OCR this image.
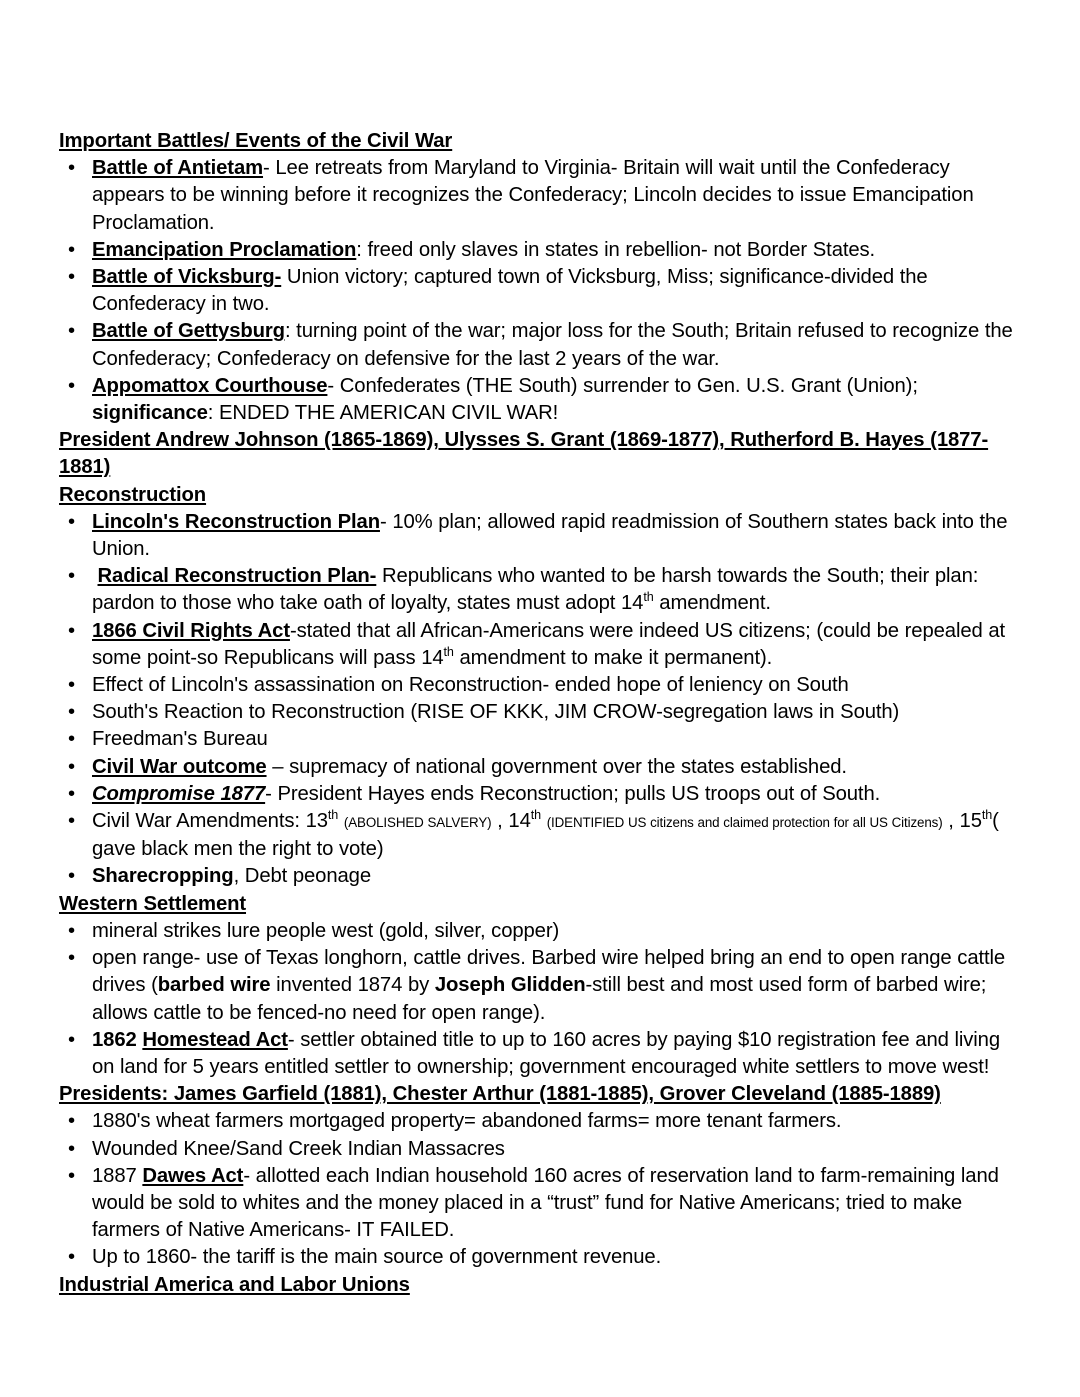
Important Battles/ Events of the Civil War
• Battle of Antietam- Lee retreats from Maryland to Virginia- Britain will wait until the Confederacy appears to be winning before it recognizes the Confederacy; Lincoln decides to issue Emancipation Proclamation.
• Emancipation Proclamation: freed only slaves in states in rebellion- not Border States.
• Battle of Vicksburg- Union victory; captured town of Vicksburg, Miss; significance-divided the Confederacy in two.
• Battle of Gettysburg: turning point of the war; major loss for the South; Britain refused to recognize the Confederacy; Confederacy on defensive for the last 2 years of the war.
• Appomattox Courthouse- Confederates (THE South) surrender to Gen. U.S. Grant (Union); significance: ENDED THE AMERICAN CIVIL WAR!
President Andrew Johnson (1865-1869), Ulysses S. Grant (1869-1877), Rutherford B. Hayes (1877-1881)
Reconstruction
• Lincoln's Reconstruction Plan- 10% plan; allowed rapid readmission of Southern states back into the Union.
•	Radical Reconstruction Plan- Republicans who wanted to be harsh towards the South; their plan: pardon to those who take oath of loyalty, states must adopt 14th amendment.
• 1866 Civil Rights Act-stated that all African-Americans were indeed US citizens; (could be repealed at some point-so Republicans will pass 14th amendment to make it permanent).
• Effect of Lincoln's assassination on Reconstruction- ended hope of leniency on South
• South's Reaction to Reconstruction (RISE OF KKK, JIM CROW-segregation laws in South)
• Freedman's Bureau
• Civil War outcome – supremacy of national government over the states established.
• Compromise 1877- President Hayes ends Reconstruction; pulls US troops out of South.
• Civil War Amendments: 13th (ABOLISHED SALVERY) , 14th (IDENTIFIED US citizens and claimed protection for all US Citizens) , 15th( gave black men the right to vote)
• Sharecropping, Debt peonage
Western Settlement
• mineral strikes lure people west (gold, silver, copper)
• open range- use of Texas longhorn, cattle drives. Barbed wire helped bring an end to open range cattle drives (barbed wire invented 1874 by Joseph Glidden-still best and most used form of barbed wire; allows cattle to be fenced-no need for open range).
• 1862 Homestead Act- settler obtained title to up to 160 acres by paying $10 registration fee and living on land for 5 years entitled settler to ownership; government encouraged white settlers to move west!
Presidents: James Garfield (1881), Chester Arthur (1881-1885), Grover Cleveland (1885-1889)
• 1880's wheat farmers mortgaged property= abandoned farms= more tenant farmers.
• Wounded Knee/Sand Creek Indian Massacres
• 1887 Dawes Act- allotted each Indian household 160 acres of reservation land to farm-remaining land would be sold to whites and the money placed in a “trust” fund for Native Americans; tried to make farmers of Native Americans- IT FAILED.
• Up to 1860- the tariff is the main source of government revenue.
Industrial America and Labor Unions
